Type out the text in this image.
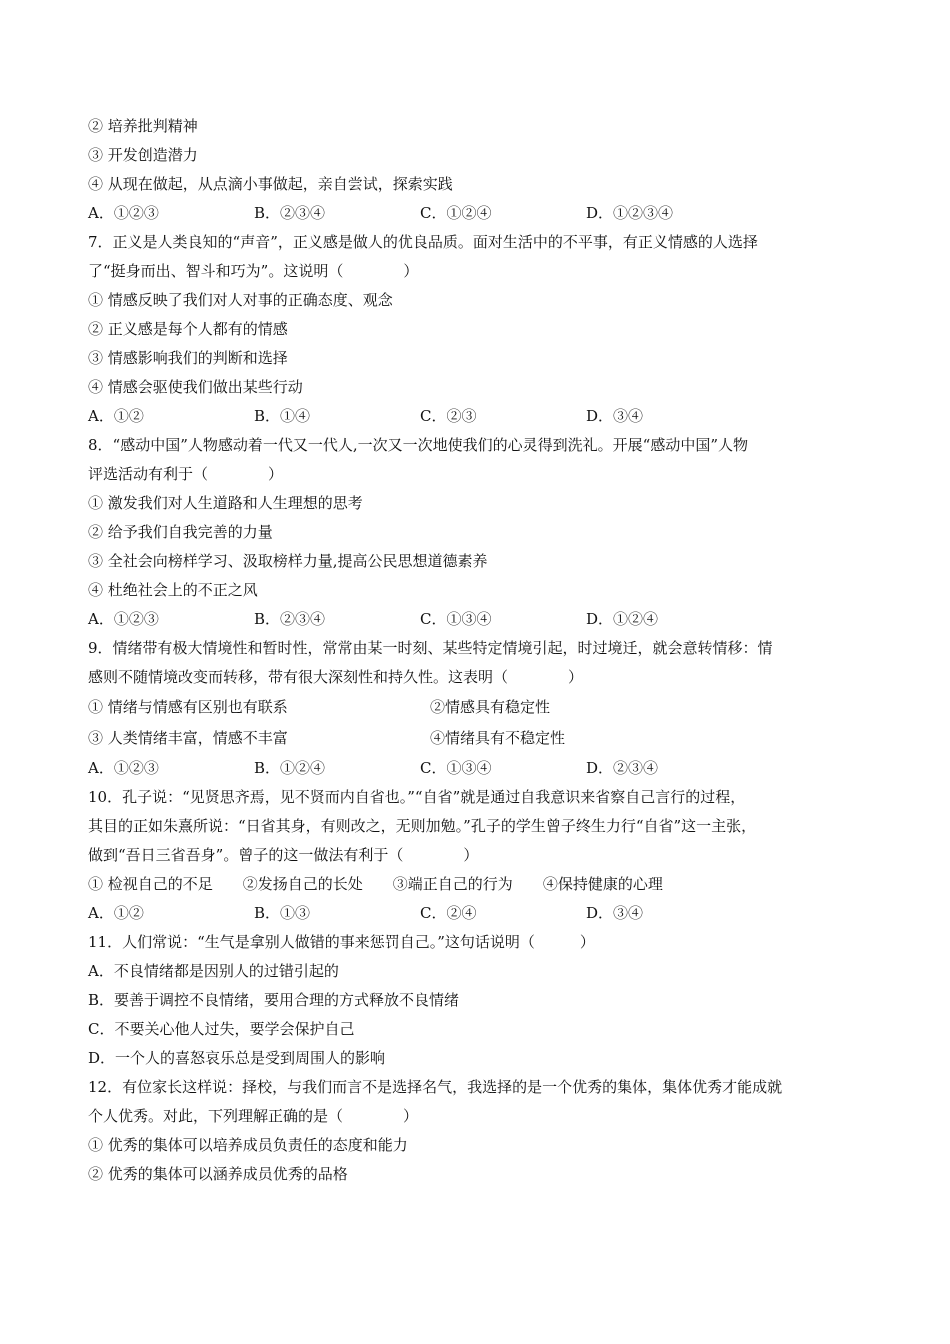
② 培养批判精神
③ 开发创造潜力
④ 从现在做起，从点滴小事做起，亲自尝试，探索实践
A．①②③	B．②③④	C．①②④	D．①②③④
7．正义是人类良知的“声音”，正义感是做人的优良品质。面对生活中的不平事，有正义情感的人选择
了“挺身而出、智斗和巧为”。这说明（　　　　）
① 情感反映了我们对人对事的正确态度、观念
② 正义感是每个人都有的情感
③ 情感影响我们的判断和选择
④ 情感会驱使我们做出某些行动
A．①②	B．①④	C．②③	D．③④
8．“感动中国”人物感动着一代又一代人,一次又一次地使我们的心灵得到洗礼。开展“感动中国”人物
评选活动有利于（　　　　）
① 激发我们对人生道路和人生理想的思考
② 给予我们自我完善的力量
③ 全社会向榜样学习、汲取榜样力量,提高公民思想道德素养
④ 杜绝社会上的不正之风
A．①②③	B．②③④	C．①③④	D．①②④
9．情绪带有极大情境性和暂时性，常常由某一时刻、某些特定情境引起，时过境迁，就会意转情移：情
感则不随情境改变而转移，带有很大深刻性和持久性。这表明（　　　　）
① 情绪与情感有区别也有联系	②情感具有稳定性
③ 人类情绪丰富，情感不丰富	④情绪具有不稳定性
A．①②③	B．①②④	C．①③④	D．②③④
10．孔子说：“见贤思齐焉，见不贤而内自省也。”“自省”就是通过自我意识来省察自己言行的过程，
其目的正如朱熹所说：“日省其身，有则改之，无则加勉。”孔子的学生曾子终生力行“自省”这一主张，
做到“吾日三省吾身”。曾子的这一做法有利于（　　　　）
① 检视自己的不足 ②发扬自己的长处 ③端正自己的行为 ④保持健康的心理
A．①②	B．①③	C．②④	D．③④
11．人们常说：“生气是拿别人做错的事来惩罚自己。”这句话说明（　　　）
A．不良情绪都是因别人的过错引起的
B．要善于调控不良情绪，要用合理的方式释放不良情绪
C．不要关心他人过失，要学会保护自己
D．一个人的喜怒哀乐总是受到周围人的影响
12．有位家长这样说：择校，与我们而言不是选择名气，我选择的是一个优秀的集体，集体优秀才能成就
个人优秀。对此，下列理解正确的是（　　　　）
① 优秀的集体可以培养成员负责任的态度和能力
② 优秀的集体可以涵养成员优秀的品格
